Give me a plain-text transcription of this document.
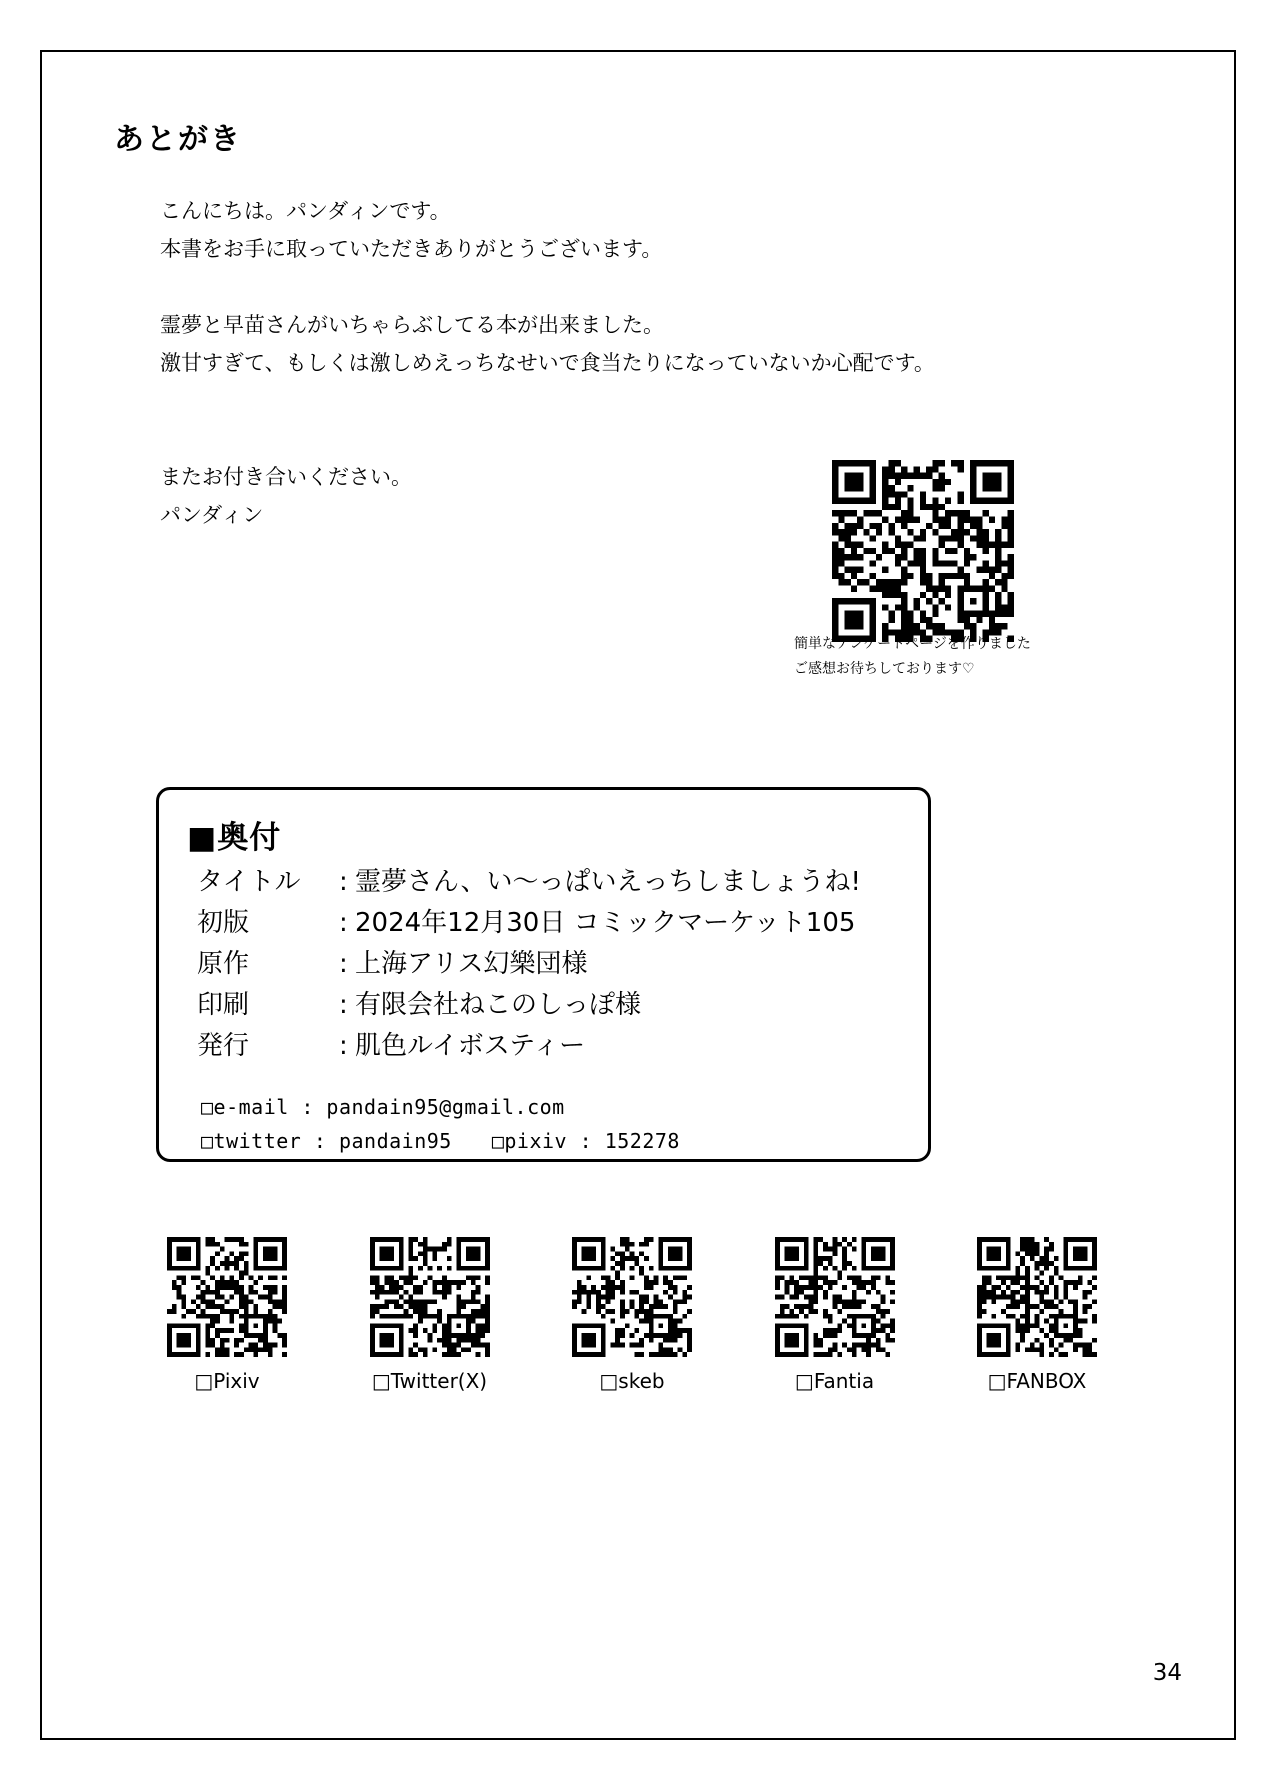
あとがき

こんにちは。パンダィンです。

本書をお手に取っていただきありがとうございます。

霊夢と早苗さんがいちゃらぶしてる本が出来ました。

激甘すぎて、もしくは激しめえっちなせいで食当たりになっていないか心配です。

またお付き合いください。

パンダィン

簡単なアンケートページを作りました
ご感想お待ちしております♡
■奥付
タイトル	: 霊夢さん、い〜っぱいえっちしましょうね!
初版	: 2024年12月30日 コミックマーケット105
原作	: 上海アリス幻樂団様
印刷	: 有限会社ねこのしっぽ様
発行	: 肌色ルイボスティー
□e-mail : pandain95@gmail.com
□twitter : pandain95 □pixiv : 152278
□Pixiv	□Twitter(X)	□skeb	□Fantia	□FANBOX
34
